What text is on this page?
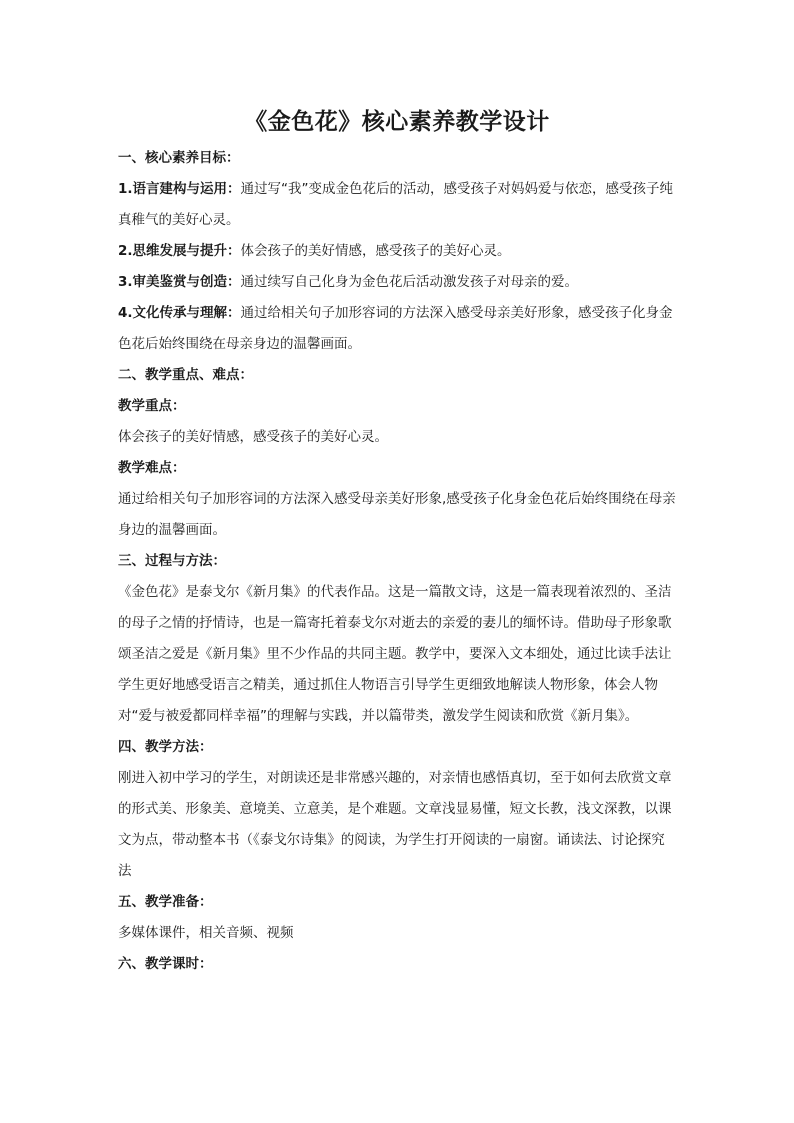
《金色花》核心素养教学设计

一、核心素养目标：

1.语言建构与运用：通过写“我”变成金色花后的活动，感受孩子对妈妈爱与依恋，感受孩子纯真稚气的美好心灵。

2.思维发展与提升：体会孩子的美好情感，感受孩子的美好心灵。

3.审美鉴赏与创造：通过续写自己化身为金色花后活动激发孩子对母亲的爱。

4.文化传承与理解：通过给相关句子加形容词的方法深入感受母亲美好形象，感受孩子化身金色花后始终围绕在母亲身边的温馨画面。

二、教学重点、难点：

教学重点：

体会孩子的美好情感，感受孩子的美好心灵。

教学难点：

通过给相关句子加形容词的方法深入感受母亲美好形象,感受孩子化身金色花后始终围绕在母亲身边的温馨画面。

三、过程与方法：

《金色花》是泰戈尔《新月集》的代表作品。这是一篇散文诗，这是一篇表现着浓烈的、圣洁的母子之情的抒情诗，也是一篇寄托着泰戈尔对逝去的亲爱的妻儿的缅怀诗。借助母子形象歌颂圣洁之爱是《新月集》里不少作品的共同主题。教学中，要深入文本细处，通过比读手法让学生更好地感受语言之精美，通过抓住人物语言引导学生更细致地解读人物形象，体会人物对“爱与被爱都同样幸福”的理解与实践，并以篇带类，激发学生阅读和欣赏《新月集》。

四、教学方法：

刚进入初中学习的学生，对朗读还是非常感兴趣的，对亲情也感悟真切，至于如何去欣赏文章的形式美、形象美、意境美、立意美，是个难题。文章浅显易懂，短文长教，浅文深教，以课文为点，带动整本书（《泰戈尔诗集》的阅读，为学生打开阅读的一扇窗。诵读法、讨论探究法

五、教学准备：

多媒体课件，相关音频、视频

六、教学课时：
